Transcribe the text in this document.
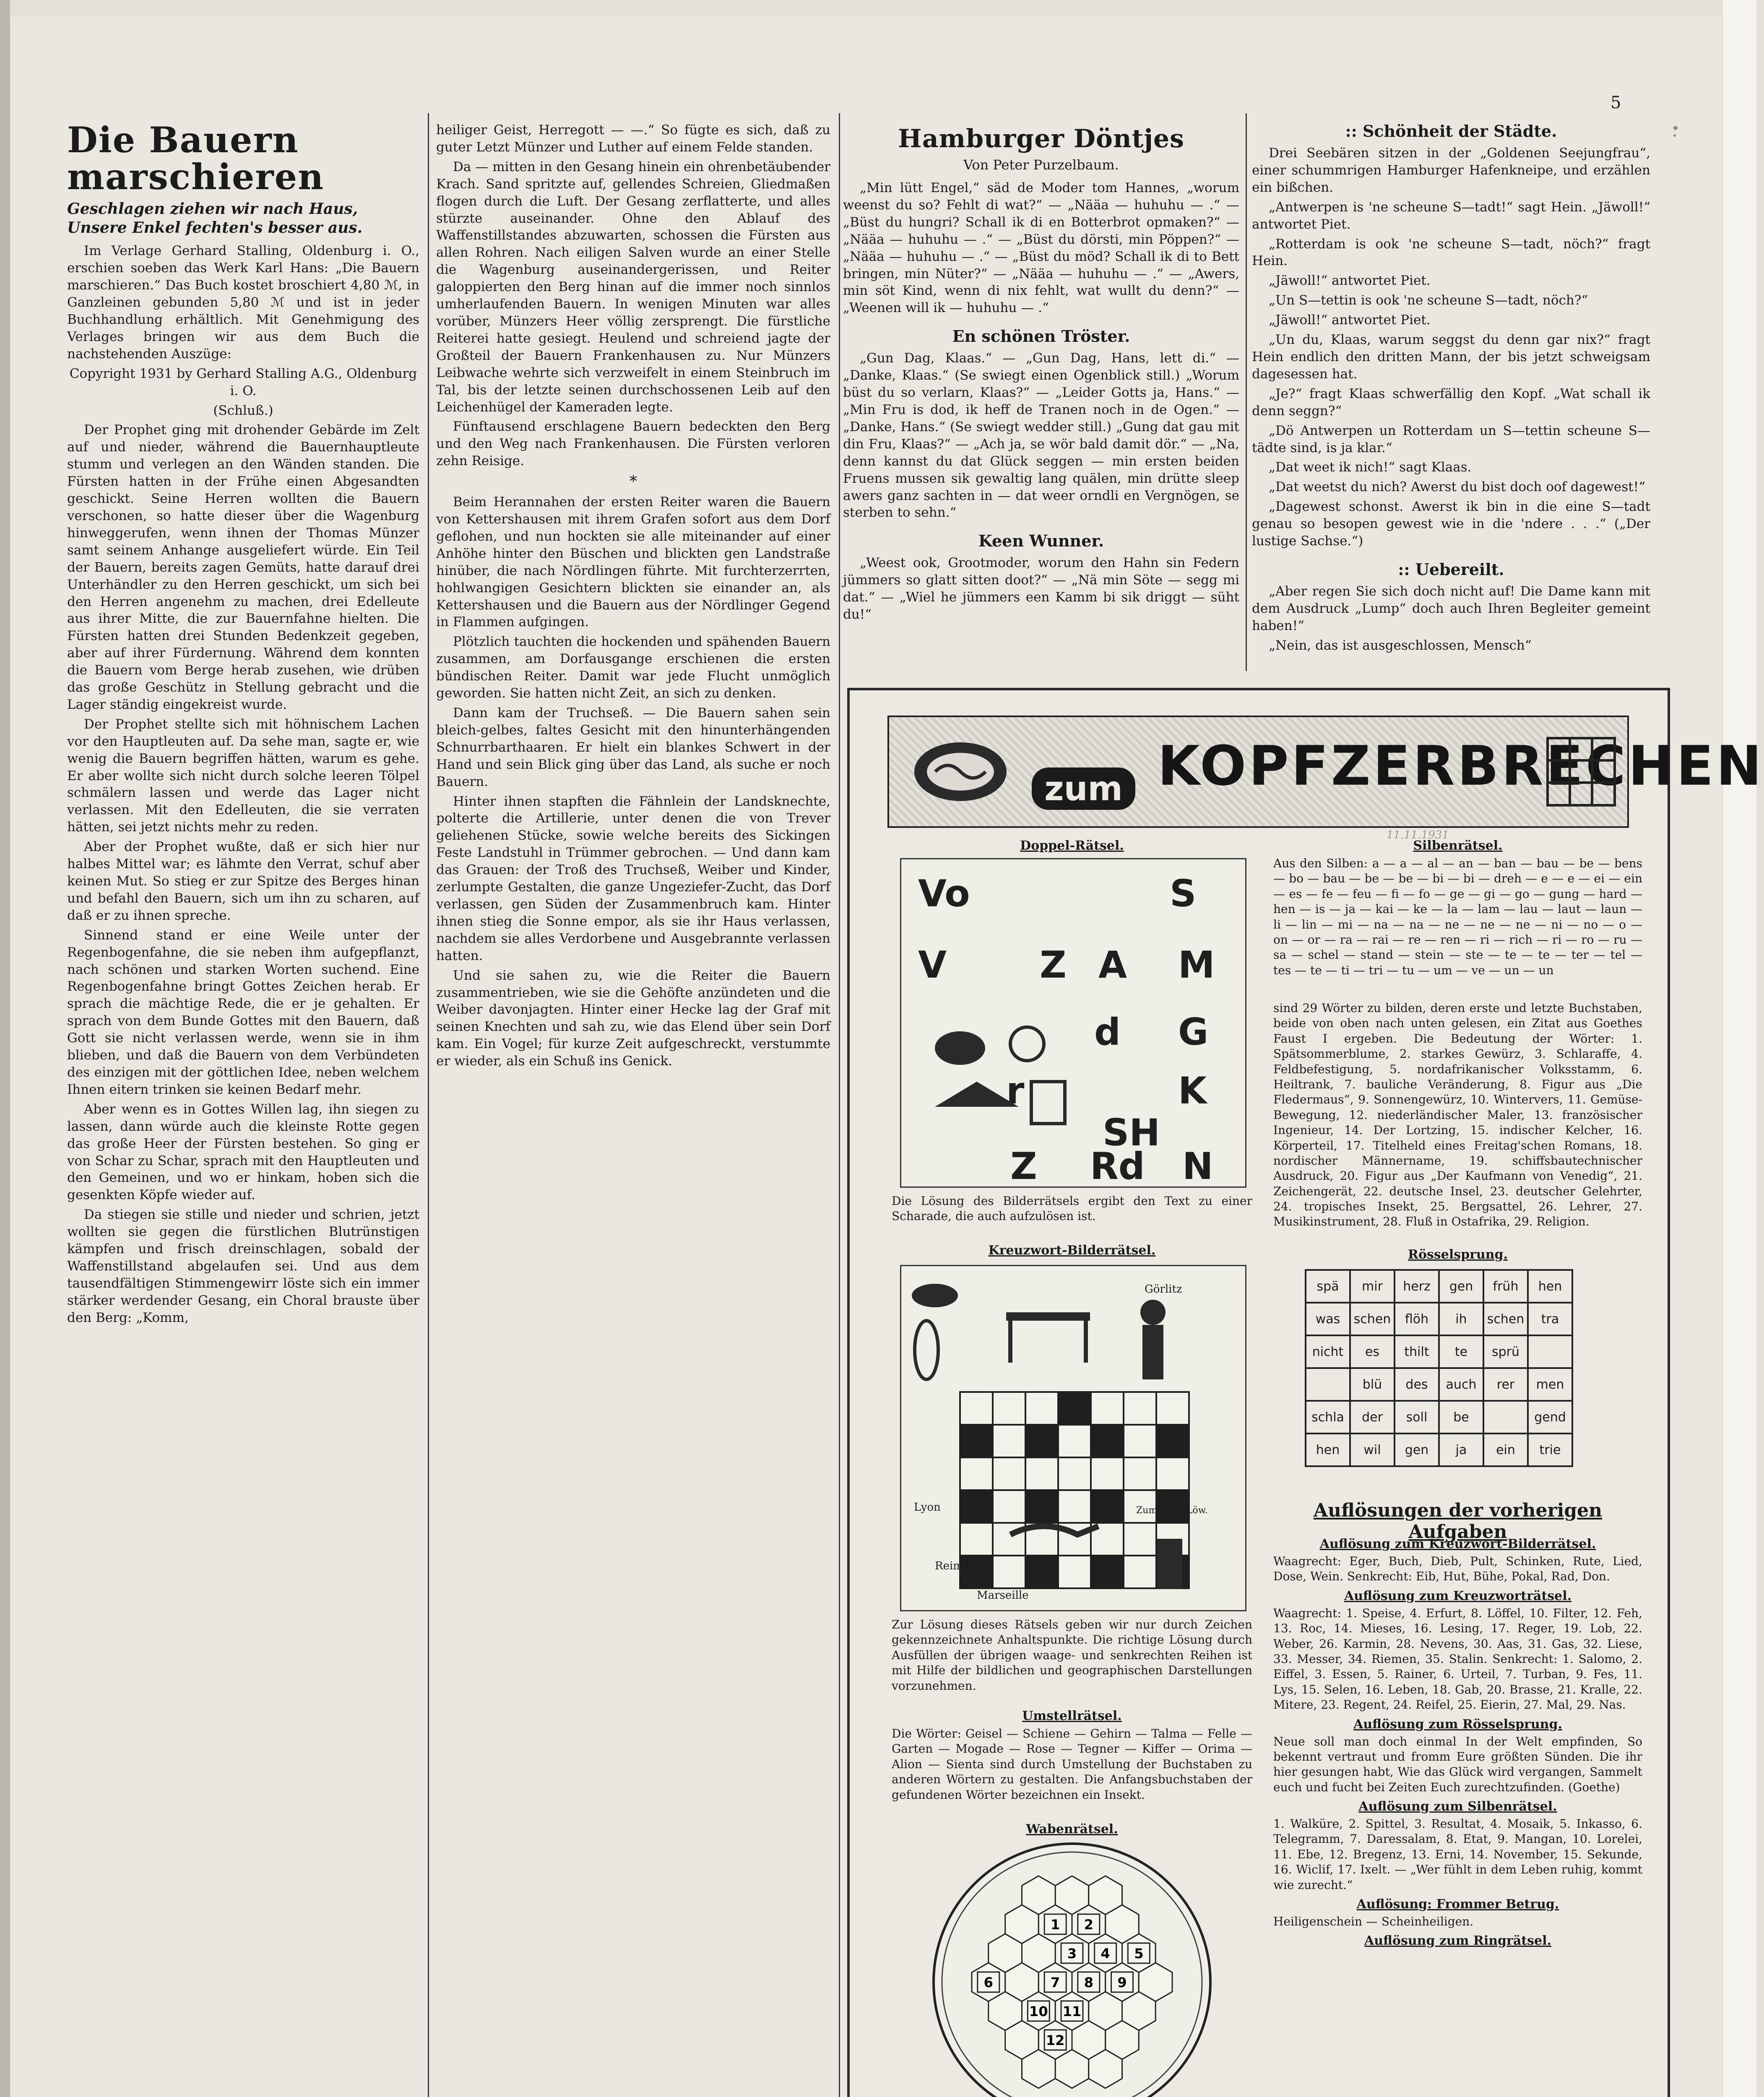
5
Die Bauern marschieren
Geschlagen ziehen wir nach Haus, Unsere Enkel fechten's besser aus.

Im Verlage Gerhard Stalling, Oldenburg i. O., erschien soeben das Werk Karl Hans: „Die Bauern marschieren.“ Das Buch kostet broschiert 4,80 ℳ, in Ganzleinen gebunden 5,80 ℳ und ist in jeder Buchhandlung erhältlich. Mit Genehmigung des Verlages bringen wir aus dem Buch die nachstehenden Auszüge:

Copyright 1931 by Gerhard Stalling A.G., Oldenburg i. O.

(Schluß.)

Der Prophet ging mit drohender Gebärde im Zelt auf und nieder, während die Bauernhauptleute stumm und verlegen an den Wänden standen. Die Fürsten hatten in der Frühe einen Abgesandten geschickt. Seine Herren wollten die Bauern verschonen, so hatte dieser über die Wagenburg hinweggerufen, wenn ihnen der Thomas Münzer samt seinem Anhange ausgeliefert würde. Ein Teil der Bauern, bereits zagen Gemüts, hatte darauf drei Unterhändler zu den Herren geschickt, um sich bei den Herren angenehm zu machen, drei Edelleute aus ihrer Mitte, die zur Bauernfahne hielten. Die Fürsten hatten drei Stunden Bedenkzeit gegeben, aber auf ihrer Fürdernung. Während dem konnten die Bauern vom Berge herab zusehen, wie drüben das große Geschütz in Stellung gebracht und die Lager ständig eingekreist wurde.

Der Prophet stellte sich mit höhnischem Lachen vor den Hauptleuten auf. Da sehe man, sagte er, wie wenig die Bauern begriffen hätten, warum es gehe. Er aber wollte sich nicht durch solche leeren Tölpel schmälern lassen und werde das Lager nicht verlassen. Mit den Edelleuten, die sie verraten hätten, sei jetzt nichts mehr zu reden.

Aber der Prophet wußte, daß er sich hier nur halbes Mittel war; es lähmte den Verrat, schuf aber keinen Mut. So stieg er zur Spitze des Berges hinan und befahl den Bauern, sich um ihn zu scharen, auf daß er zu ihnen spreche.

Sinnend stand er eine Weile unter der Regenbogenfahne, die sie neben ihm aufgepflanzt, nach schönen und starken Worten suchend. Eine Regenbogenfahne bringt Gottes Zeichen herab. Er sprach die mächtige Rede, die er je gehalten. Er sprach von dem Bunde Gottes mit den Bauern, daß Gott sie nicht verlassen werde, wenn sie in ihm blieben, und daß die Bauern von dem Verbündeten des einzigen mit der göttlichen Idee, neben welchem Ihnen eitern trinken sie keinen Bedarf mehr.

Aber wenn es in Gottes Willen lag, ihn siegen zu lassen, dann würde auch die kleinste Rotte gegen das große Heer der Fürsten bestehen. So ging er von Schar zu Schar, sprach mit den Hauptleuten und den Gemeinen, und wo er hinkam, hoben sich die gesenkten Köpfe wieder auf.

Da stiegen sie stille und nieder und schrien, jetzt wollten sie gegen die fürstlichen Blutrünstigen kämpfen und frisch dreinschlagen, sobald der Waffenstillstand abgelaufen sei. Und aus dem tausendfältigen Stimmengewirr löste sich ein immer stärker werdender Gesang, ein Choral brauste über den Berg: „Komm,

heiliger Geist, Herregott — —.“ So fügte es sich, daß zu guter Letzt Münzer und Luther auf einem Felde standen.

Da — mitten in den Gesang hinein ein ohrenbetäubender Krach. Sand spritzte auf, gellendes Schreien, Gliedmaßen flogen durch die Luft. Der Gesang zerflatterte, und alles stürzte auseinander. Ohne den Ablauf des Waffenstillstandes abzuwarten, schossen die Fürsten aus allen Rohren. Nach eiligen Salven wurde an einer Stelle die Wagenburg auseinandergerissen, und Reiter galoppierten den Berg hinan auf die immer noch sinnlos umherlaufenden Bauern. In wenigen Minuten war alles vorüber, Münzers Heer völlig zersprengt. Die fürstliche Reiterei hatte gesiegt. Heulend und schreiend jagte der Großteil der Bauern Frankenhausen zu. Nur Münzers Leibwache wehrte sich verzweifelt in einem Steinbruch im Tal, bis der letzte seinen durchschossenen Leib auf den Leichenhügel der Kameraden legte.

Fünftausend erschlagene Bauern bedeckten den Berg und den Weg nach Frankenhausen. Die Fürsten verloren zehn Reisige.

*

Beim Herannahen der ersten Reiter waren die Bauern von Kettershausen mit ihrem Grafen sofort aus dem Dorf geflohen, und nun hockten sie alle miteinander auf einer Anhöhe hinter den Büschen und blickten gen Landstraße hinüber, die nach Nördlingen führte. Mit furchterzerrten, hohlwangigen Gesichtern blickten sie einander an, als Kettershausen und die Bauern aus der Nördlinger Gegend in Flammen aufgingen.

Plötzlich tauchten die hockenden und spähenden Bauern zusammen, am Dorfausgange erschienen die ersten bündischen Reiter. Damit war jede Flucht unmöglich geworden. Sie hatten nicht Zeit, an sich zu denken.

Dann kam der Truchseß. — Die Bauern sahen sein bleich-gelbes, faltes Gesicht mit den hinunterhängenden Schnurrbarthaaren. Er hielt ein blankes Schwert in der Hand und sein Blick ging über das Land, als suche er noch Bauern.

Hinter ihnen stapften die Fähnlein der Landsknechte, polterte die Artillerie, unter denen die von Trever geliehenen Stücke, sowie welche bereits des Sickingen Feste Landstuhl in Trümmer gebrochen. — Und dann kam das Grauen: der Troß des Truchseß, Weiber und Kinder, zerlumpte Gestalten, die ganze Ungeziefer-Zucht, das Dorf verlassen, gen Süden der Zusammenbruch kam. Hinter ihnen stieg die Sonne empor, als sie ihr Haus verlassen, nachdem sie alles Verdorbene und Ausgebrannte verlassen hatten.

Und sie sahen zu, wie die Reiter die Bauern zusammentrieben, wie sie die Gehöfte anzündeten und die Weiber davonjagten. Hinter einer Hecke lag der Graf mit seinen Knechten und sah zu, wie das Elend über sein Dorf kam. Ein Vogel; für kurze Zeit aufgeschreckt, verstummte er wieder, als ein Schuß ins Genick.

Hamburger Döntjes
Von Peter Purzelbaum.

„Min lütt Engel,“ säd de Moder tom Hannes, „worum weenst du so? Fehlt di wat?“ — „Nääa — huhuhu — .“ — „Büst du hungri? Schall ik di en Botterbrot opmaken?“ — „Nääa — huhuhu — .“ — „Büst du dörsti, min Pöppen?“ — „Nääa — huhuhu — .“ — „Büst du möd? Schall ik di to Bett bringen, min Nüter?“ — „Nääa — huhuhu — .“ — „Awers, min söt Kind, wenn di nix fehlt, wat wullt du denn?“ — „Weenen will ik — huhuhu — .“

En schönen Tröster.

„Gun Dag, Klaas.“ — „Gun Dag, Hans, lett di.“ — „Danke, Klaas.“ (Se swiegt einen Ogenblick still.) „Worum büst du so verlarn, Klaas?“ — „Leider Gotts ja, Hans.“ — „Min Fru is dod, ik heff de Tranen noch in de Ogen.“ — „Danke, Hans.“ (Se swiegt wedder still.) „Gung dat gau mit din Fru, Klaas?“ — „Ach ja, se wör bald damit dör.“ — „Na, denn kannst du dat Glück seggen — min ersten beiden Fruens mussen sik gewaltig lang quälen, min drütte sleep awers ganz sachten in — dat weer orndli en Vergnögen, se sterben to sehn.“

Keen Wunner.

„Weest ook, Grootmoder, worum den Hahn sin Federn jümmers so glatt sitten doot?“ — „Nä min Söte — segg mi dat.“ — „Wiel he jümmers een Kamm bi sik driggt — süht du!“

:: Schönheit der Städte.

Drei Seebären sitzen in der „Goldenen Seejungfrau“, einer schummrigen Hamburger Hafenkneipe, und erzählen ein bißchen.

„Antwerpen is 'ne scheune S—tadt!“ sagt Hein. „Jäwoll!“ antwortet Piet.

„Rotterdam is ook 'ne scheune S—tadt, nöch?“ fragt Hein.

„Jäwoll!“ antwortet Piet.

„Un S—tettin is ook 'ne scheune S—tadt, nöch?“

„Jäwoll!“ antwortet Piet.

„Un du, Klaas, warum seggst du denn gar nix?“ fragt Hein endlich den dritten Mann, der bis jetzt schweigsam dagesessen hat.

„Je?“ fragt Klaas schwerfällig den Kopf. „Wat schall ik denn seggn?“

„Dö Antwerpen un Rotterdam un S—tettin scheune S—tädte sind, is ja klar.“

„Dat weet ik nich!“ sagt Klaas.

„Dat weetst du nich? Awerst du bist doch oof dagewest!“

„Dagewest schonst. Awerst ik bin in die eine S—tadt genau so besopen gewest wie in die 'ndere . . .“ („Der lustige Sachse.“)

:: Uebereilt.

„Aber regen Sie sich doch nicht auf! Die Dame kann mit dem Ausdruck „Lump“ doch auch Ihren Begleiter gemeint haben!“

„Nein, das ist ausgeschlossen, Mensch“

zum KOPFZERBRECHEN
11.11.1931
Doppel-Rätsel.
Vo	S
V	Z A M
d G
r	K
SH
Z Rd N
Die Lösung des Bilderrätsels ergibt den Text zu einer Scharade, die auch aufzulösen ist.
Kreuzwort-Bilderrätsel.
Görlitz
Lyon
Reims
Marseille
Zum gold. Löw.
Zur Lösung dieses Rätsels geben wir nur durch Zeichen gekennzeichnete Anhaltspunkte. Die richtige Lösung durch Ausfüllen der übrigen waage- und senkrechten Reihen ist mit Hilfe der bildlichen und geographischen Darstellungen vorzunehmen.
Umstellrätsel.
Die Wörter: Geisel — Schiene — Gehirn — Talma — Felle — Garten — Mogade — Rose — Tegner — Kiffer — Orima — Alion — Sienta sind durch Umstellung der Buchstaben zu anderen Wörtern zu gestalten. Die Anfangsbuchstaben der gefundenen Wörter bezeichnen ein Insekt.
Wabenrätsel.
1 2
3 4 5
6	7 8 9
10 11
12
Silbenrätsel.
Aus den Silben: a — a — al — an — ban — bau — be — bens — bo — bau — be — be — bi — bi — dreh — e — e — ei — ein — es — fe — feu — fi — fo — ge — gi — go — gung — hard — hen — is — ja — kai — ke — la — lam — lau — laut — laun — li — lin — mi — na — na — ne — ne — ne — ni — no — o — on — or — ra — rai — re — ren — ri — rich — ri — ro — ru — sa — schel — stand — stein — ste — te — te — ter — tel — tes — te — ti — tri — tu — um — ve — un — un
sind 29 Wörter zu bilden, deren erste und letzte Buchstaben, beide von oben nach unten gelesen, ein Zitat aus Goethes Faust I ergeben. Die Bedeutung der Wörter: 1. Spätsommerblume, 2. starkes Gewürz, 3. Schlaraffe, 4. Feldbefestigung, 5. nordafrikanischer Volksstamm, 6. Heiltrank, 7. bauliche Veränderung, 8. Figur aus „Die Fledermaus“, 9. Sonnengewürz, 10. Wintervers, 11. Gemüse-Bewegung, 12. niederländischer Maler, 13. französischer Ingenieur, 14. Der Lortzing, 15. indischer Kelcher, 16. Körperteil, 17. Titelheld eines Freitag'schen Romans, 18. nordischer Männername, 19. schiffsbautechnischer Ausdruck, 20. Figur aus „Der Kaufmann von Venedig“, 21. Zeichengerät, 22. deutsche Insel, 23. deutscher Gelehrter, 24. tropisches Insekt, 25. Bergsattel, 26. Lehrer, 27. Musikinstrument, 28. Fluß in Ostafrika, 29. Religion.
Rösselsprung.
spä	mir	herz	gen	früh	hen
was	schen	flöh	ih	schen	tra
nicht	es	thilt	te	sprü	
	blü	des	auch	rer	men
schla	der	soll	be		gend
hen	wil	gen	ja	ein	trie
Auflösungen der vorherigen Aufgaben
Auflösung zum Kreuzwort-Bilderrätsel.
Waagrecht: Eger, Buch, Dieb, Pult, Schinken, Rute, Lied, Dose, Wein. Senkrecht: Eib, Hut, Bühe, Pokal, Rad, Don.
Auflösung zum Kreuzworträtsel.
Waagrecht: 1. Speise, 4. Erfurt, 8. Löffel, 10. Filter, 12. Feh, 13. Roc, 14. Mieses, 16. Lesing, 17. Reger, 19. Lob, 22. Weber, 26. Karmin, 28. Nevens, 30. Aas, 31. Gas, 32. Liese, 33. Messer, 34. Riemen, 35. Stalin. Senkrecht: 1. Salomo, 2. Eiffel, 3. Essen, 5. Rainer, 6. Urteil, 7. Turban, 9. Fes, 11. Lys, 15. Selen, 16. Leben, 18. Gab, 20. Brasse, 21. Kralle, 22. Mitere, 23. Regent, 24. Reifel, 25. Eierin, 27. Mal, 29. Nas.
Auflösung zum Rösselsprung.
Neue soll man doch einmal In der Welt empfinden, So bekennt vertraut und fromm Eure größten Sünden. Die ihr hier gesungen habt, Wie das Glück wird vergangen, Sammelt euch und fucht bei Zeiten Euch zurechtzufinden. (Goethe)
Auflösung zum Silbenrätsel.
1. Walküre, 2. Spittel, 3. Resultat, 4. Mosaik, 5. Inkasso, 6. Telegramm, 7. Daressalam, 8. Etat, 9. Mangan, 10. Lorelei, 11. Ebe, 12. Bregenz, 13. Erni, 14. November, 15. Sekunde, 16. Wiclif, 17. Ixelt. — „Wer fühlt in dem Leben ruhig, kommt wie zurecht.“
Auflösung: Frommer Betrug.
Heiligenschein — Scheinheiligen.
Auflösung zum Ringrätsel.
